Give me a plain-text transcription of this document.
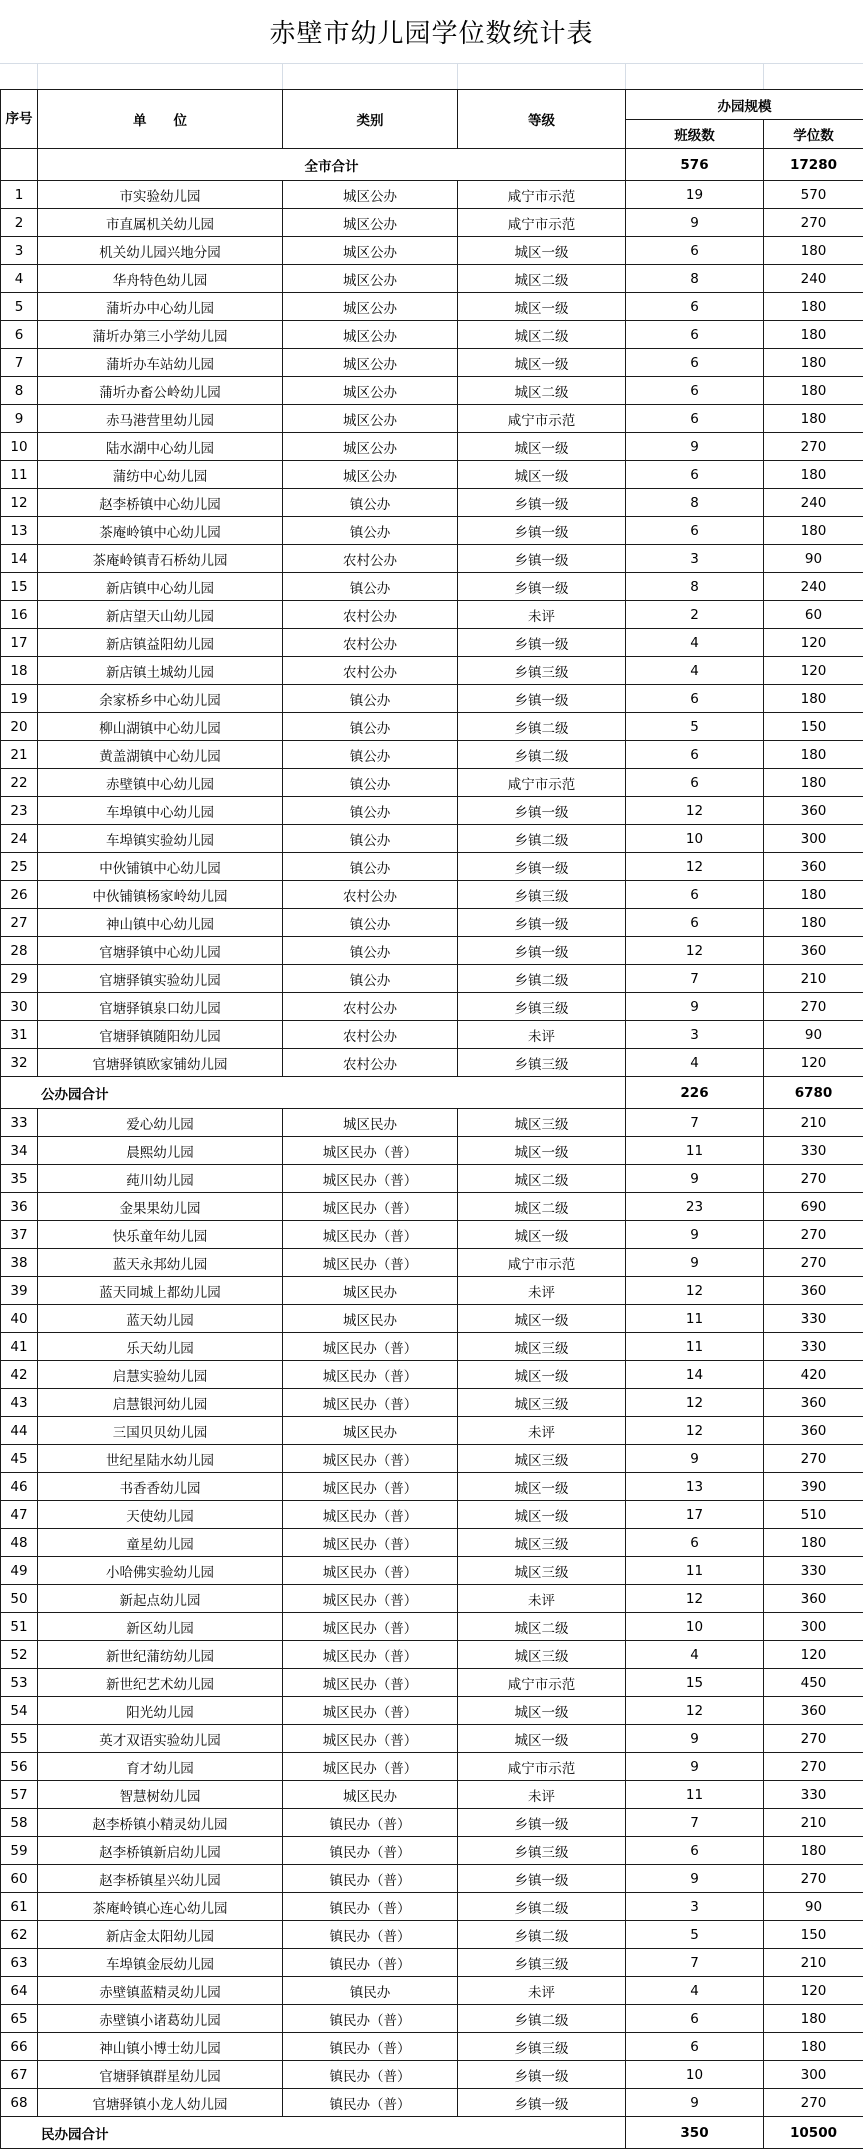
赤壁市幼儿园学位数统计表
序号	单　　位	类别	等级	办园规模	
				班级数	学位数
	全市合计			576	17280
1	市实验幼儿园	城区公办	咸宁市示范	19	570
2	市直属机关幼儿园	城区公办	咸宁市示范	9	270
3	机关幼儿园兴地分园	城区公办	城区一级	6	180
4	华舟特色幼儿园	城区公办	城区二级	8	240
5	蒲圻办中心幼儿园	城区公办	城区一级	6	180
6	蒲圻办第三小学幼儿园	城区公办	城区二级	6	180
7	蒲圻办车站幼儿园	城区公办	城区一级	6	180
8	蒲圻办畜公岭幼儿园	城区公办	城区二级	6	180
9	赤马港营里幼儿园	城区公办	咸宁市示范	6	180
10	陆水湖中心幼儿园	城区公办	城区一级	9	270
11	蒲纺中心幼儿园	城区公办	城区一级	6	180
12	赵李桥镇中心幼儿园	镇公办	乡镇一级	8	240
13	茶庵岭镇中心幼儿园	镇公办	乡镇一级	6	180
14	茶庵岭镇青石桥幼儿园	农村公办	乡镇一级	3	90
15	新店镇中心幼儿园	镇公办	乡镇一级	8	240
16	新店望天山幼儿园	农村公办	未评	2	60
17	新店镇益阳幼儿园	农村公办	乡镇一级	4	120
18	新店镇土城幼儿园	农村公办	乡镇三级	4	120
19	余家桥乡中心幼儿园	镇公办	乡镇一级	6	180
20	柳山湖镇中心幼儿园	镇公办	乡镇二级	5	150
21	黄盖湖镇中心幼儿园	镇公办	乡镇二级	6	180
22	赤壁镇中心幼儿园	镇公办	咸宁市示范	6	180
23	车埠镇中心幼儿园	镇公办	乡镇一级	12	360
24	车埠镇实验幼儿园	镇公办	乡镇二级	10	300
25	中伙铺镇中心幼儿园	镇公办	乡镇一级	12	360
26	中伙铺镇杨家岭幼儿园	农村公办	乡镇三级	6	180
27	神山镇中心幼儿园	镇公办	乡镇一级	6	180
28	官塘驿镇中心幼儿园	镇公办	乡镇一级	12	360
29	官塘驿镇实验幼儿园	镇公办	乡镇二级	7	210
30	官塘驿镇泉口幼儿园	农村公办	乡镇三级	9	270
31	官塘驿镇随阳幼儿园	农村公办	未评	3	90
32	官塘驿镇欧家铺幼儿园	农村公办	乡镇三级	4	120
公办园合计				226	6780
33	爱心幼儿园	城区民办	城区三级	7	210
34	晨熙幼儿园	城区民办（普）	城区一级	11	330
35	莼川幼儿园	城区民办（普）	城区二级	9	270
36	金果果幼儿园	城区民办（普）	城区二级	23	690
37	快乐童年幼儿园	城区民办（普）	城区一级	9	270
38	蓝天永邦幼儿园	城区民办（普）	咸宁市示范	9	270
39	蓝天同城上都幼儿园	城区民办	未评	12	360
40	蓝天幼儿园	城区民办	城区一级	11	330
41	乐天幼儿园	城区民办（普）	城区三级	11	330
42	启慧实验幼儿园	城区民办（普）	城区一级	14	420
43	启慧银河幼儿园	城区民办（普）	城区三级	12	360
44	三国贝贝幼儿园	城区民办	未评	12	360
45	世纪星陆水幼儿园	城区民办（普）	城区三级	9	270
46	书香香幼儿园	城区民办（普）	城区一级	13	390
47	天使幼儿园	城区民办（普）	城区一级	17	510
48	童星幼儿园	城区民办（普）	城区三级	6	180
49	小哈佛实验幼儿园	城区民办（普）	城区三级	11	330
50	新起点幼儿园	城区民办（普）	未评	12	360
51	新区幼儿园	城区民办（普）	城区二级	10	300
52	新世纪蒲纺幼儿园	城区民办（普）	城区三级	4	120
53	新世纪艺术幼儿园	城区民办（普）	咸宁市示范	15	450
54	阳光幼儿园	城区民办（普）	城区一级	12	360
55	英才双语实验幼儿园	城区民办（普）	城区一级	9	270
56	育才幼儿园	城区民办（普）	咸宁市示范	9	270
57	智慧树幼儿园	城区民办	未评	11	330
58	赵李桥镇小精灵幼儿园	镇民办（普）	乡镇一级	7	210
59	赵李桥镇新启幼儿园	镇民办（普）	乡镇三级	6	180
60	赵李桥镇星兴幼儿园	镇民办（普）	乡镇一级	9	270
61	茶庵岭镇心连心幼儿园	镇民办（普）	乡镇二级	3	90
62	新店金太阳幼儿园	镇民办（普）	乡镇二级	5	150
63	车埠镇金辰幼儿园	镇民办（普）	乡镇三级	7	210
64	赤壁镇蓝精灵幼儿园	镇民办	未评	4	120
65	赤壁镇小诸葛幼儿园	镇民办（普）	乡镇二级	6	180
66	神山镇小博士幼儿园	镇民办（普）	乡镇三级	6	180
67	官塘驿镇群星幼儿园	镇民办（普）	乡镇一级	10	300
68	官塘驿镇小龙人幼儿园	镇民办（普）	乡镇一级	9	270
民办园合计				350	10500
